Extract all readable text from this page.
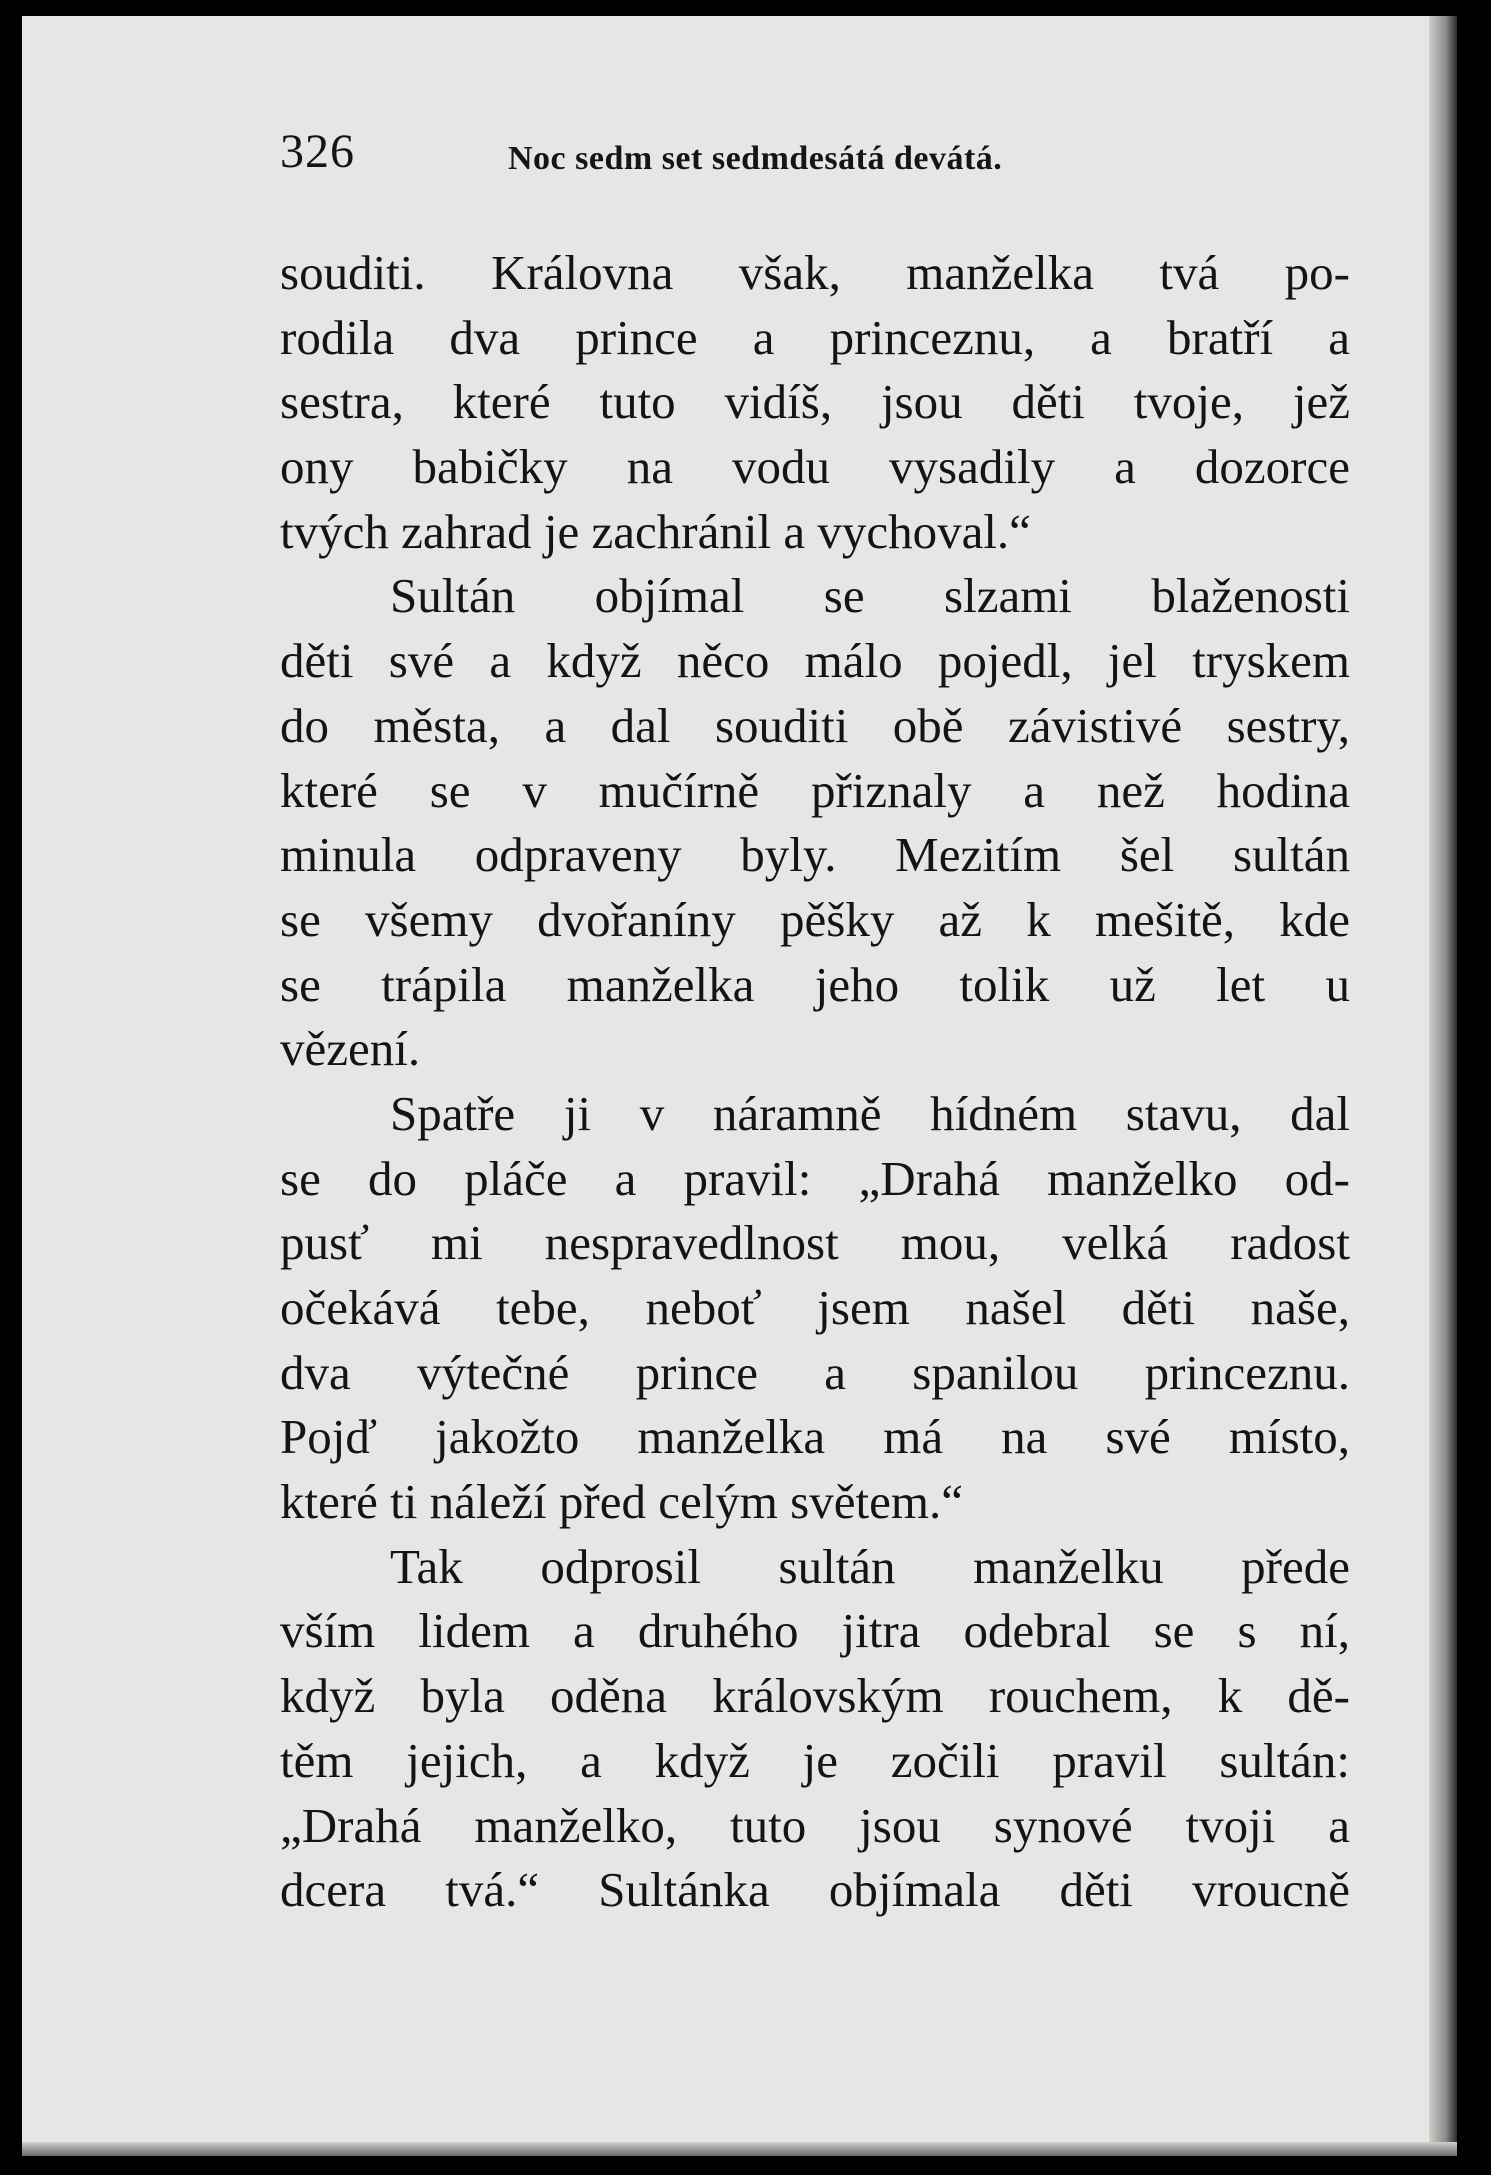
326	Noc sedm set sedmdesátá devátá.
souditi. Královna však, manželka tvá po-
rodila dva prince a princeznu, a bratří a
sestra, které tuto vidíš, jsou děti tvoje, jež
ony babičky na vodu vysadily a dozorce
tvých zahrad je zachránil a vychoval.“
Sultán objímal se slzami blaženosti
děti své a když něco málo pojedl, jel tryskem
do města, a dal souditi obě závistivé sestry,
které se v mučírně přiznaly a než hodina
minula odpraveny byly. Mezitím šel sultán
se všemy dvořaníny pěšky až k mešitě, kde
se trápila manželka jeho tolik už let u
vězení.
Spatře ji v náramně hídném stavu, dal
se do pláče a pravil: „Drahá manželko od-
pusť mi nespravedlnost mou, velká radost
očekává tebe, neboť jsem našel děti naše,
dva výtečné prince a spanilou princeznu.
Pojď jakožto manželka má na své místo,
které ti náleží před celým světem.“
Tak odprosil sultán manželku přede
vším lidem a druhého jitra odebral se s ní,
když byla oděna královským rouchem, k dě-
těm jejich, a když je zočili pravil sultán:
„Drahá manželko, tuto jsou synové tvoji a
dcera tvá.“ Sultánka objímala děti vroucně
